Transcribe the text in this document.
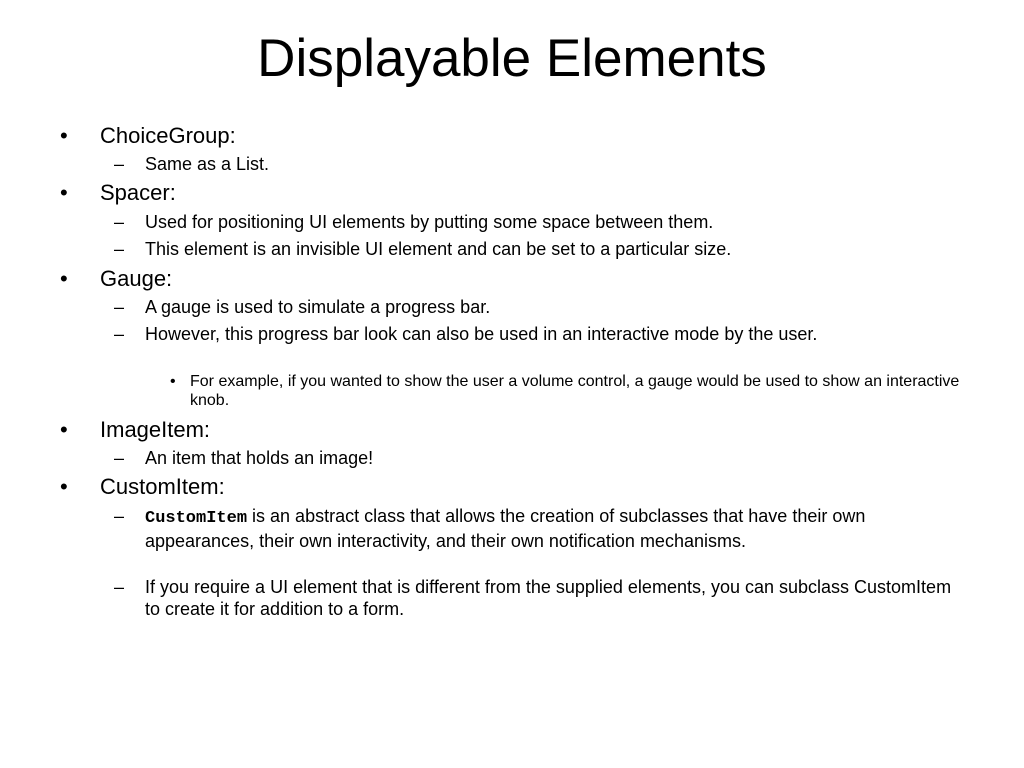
Displayable Elements
• ChoiceGroup:
– Same as a List.
• Spacer:
– Used for positioning UI elements by putting some space between them.
– This element is an invisible UI element and can be set to a particular size.
• Gauge:
– A gauge is used to simulate a progress bar.
– However, this progress bar look can also be used in an interactive mode by the user.
• For example, if you wanted to show the user a volume control, a gauge would be used to show an interactive knob.
• ImageItem:
– An item that holds an image!
• CustomItem:
– CustomItem is an abstract class that allows the creation of subclasses that have their own appearances, their own interactivity, and their own notification mechanisms.
– If you require a UI element that is different from the supplied elements, you can subclass CustomItem to create it for addition to a form.
